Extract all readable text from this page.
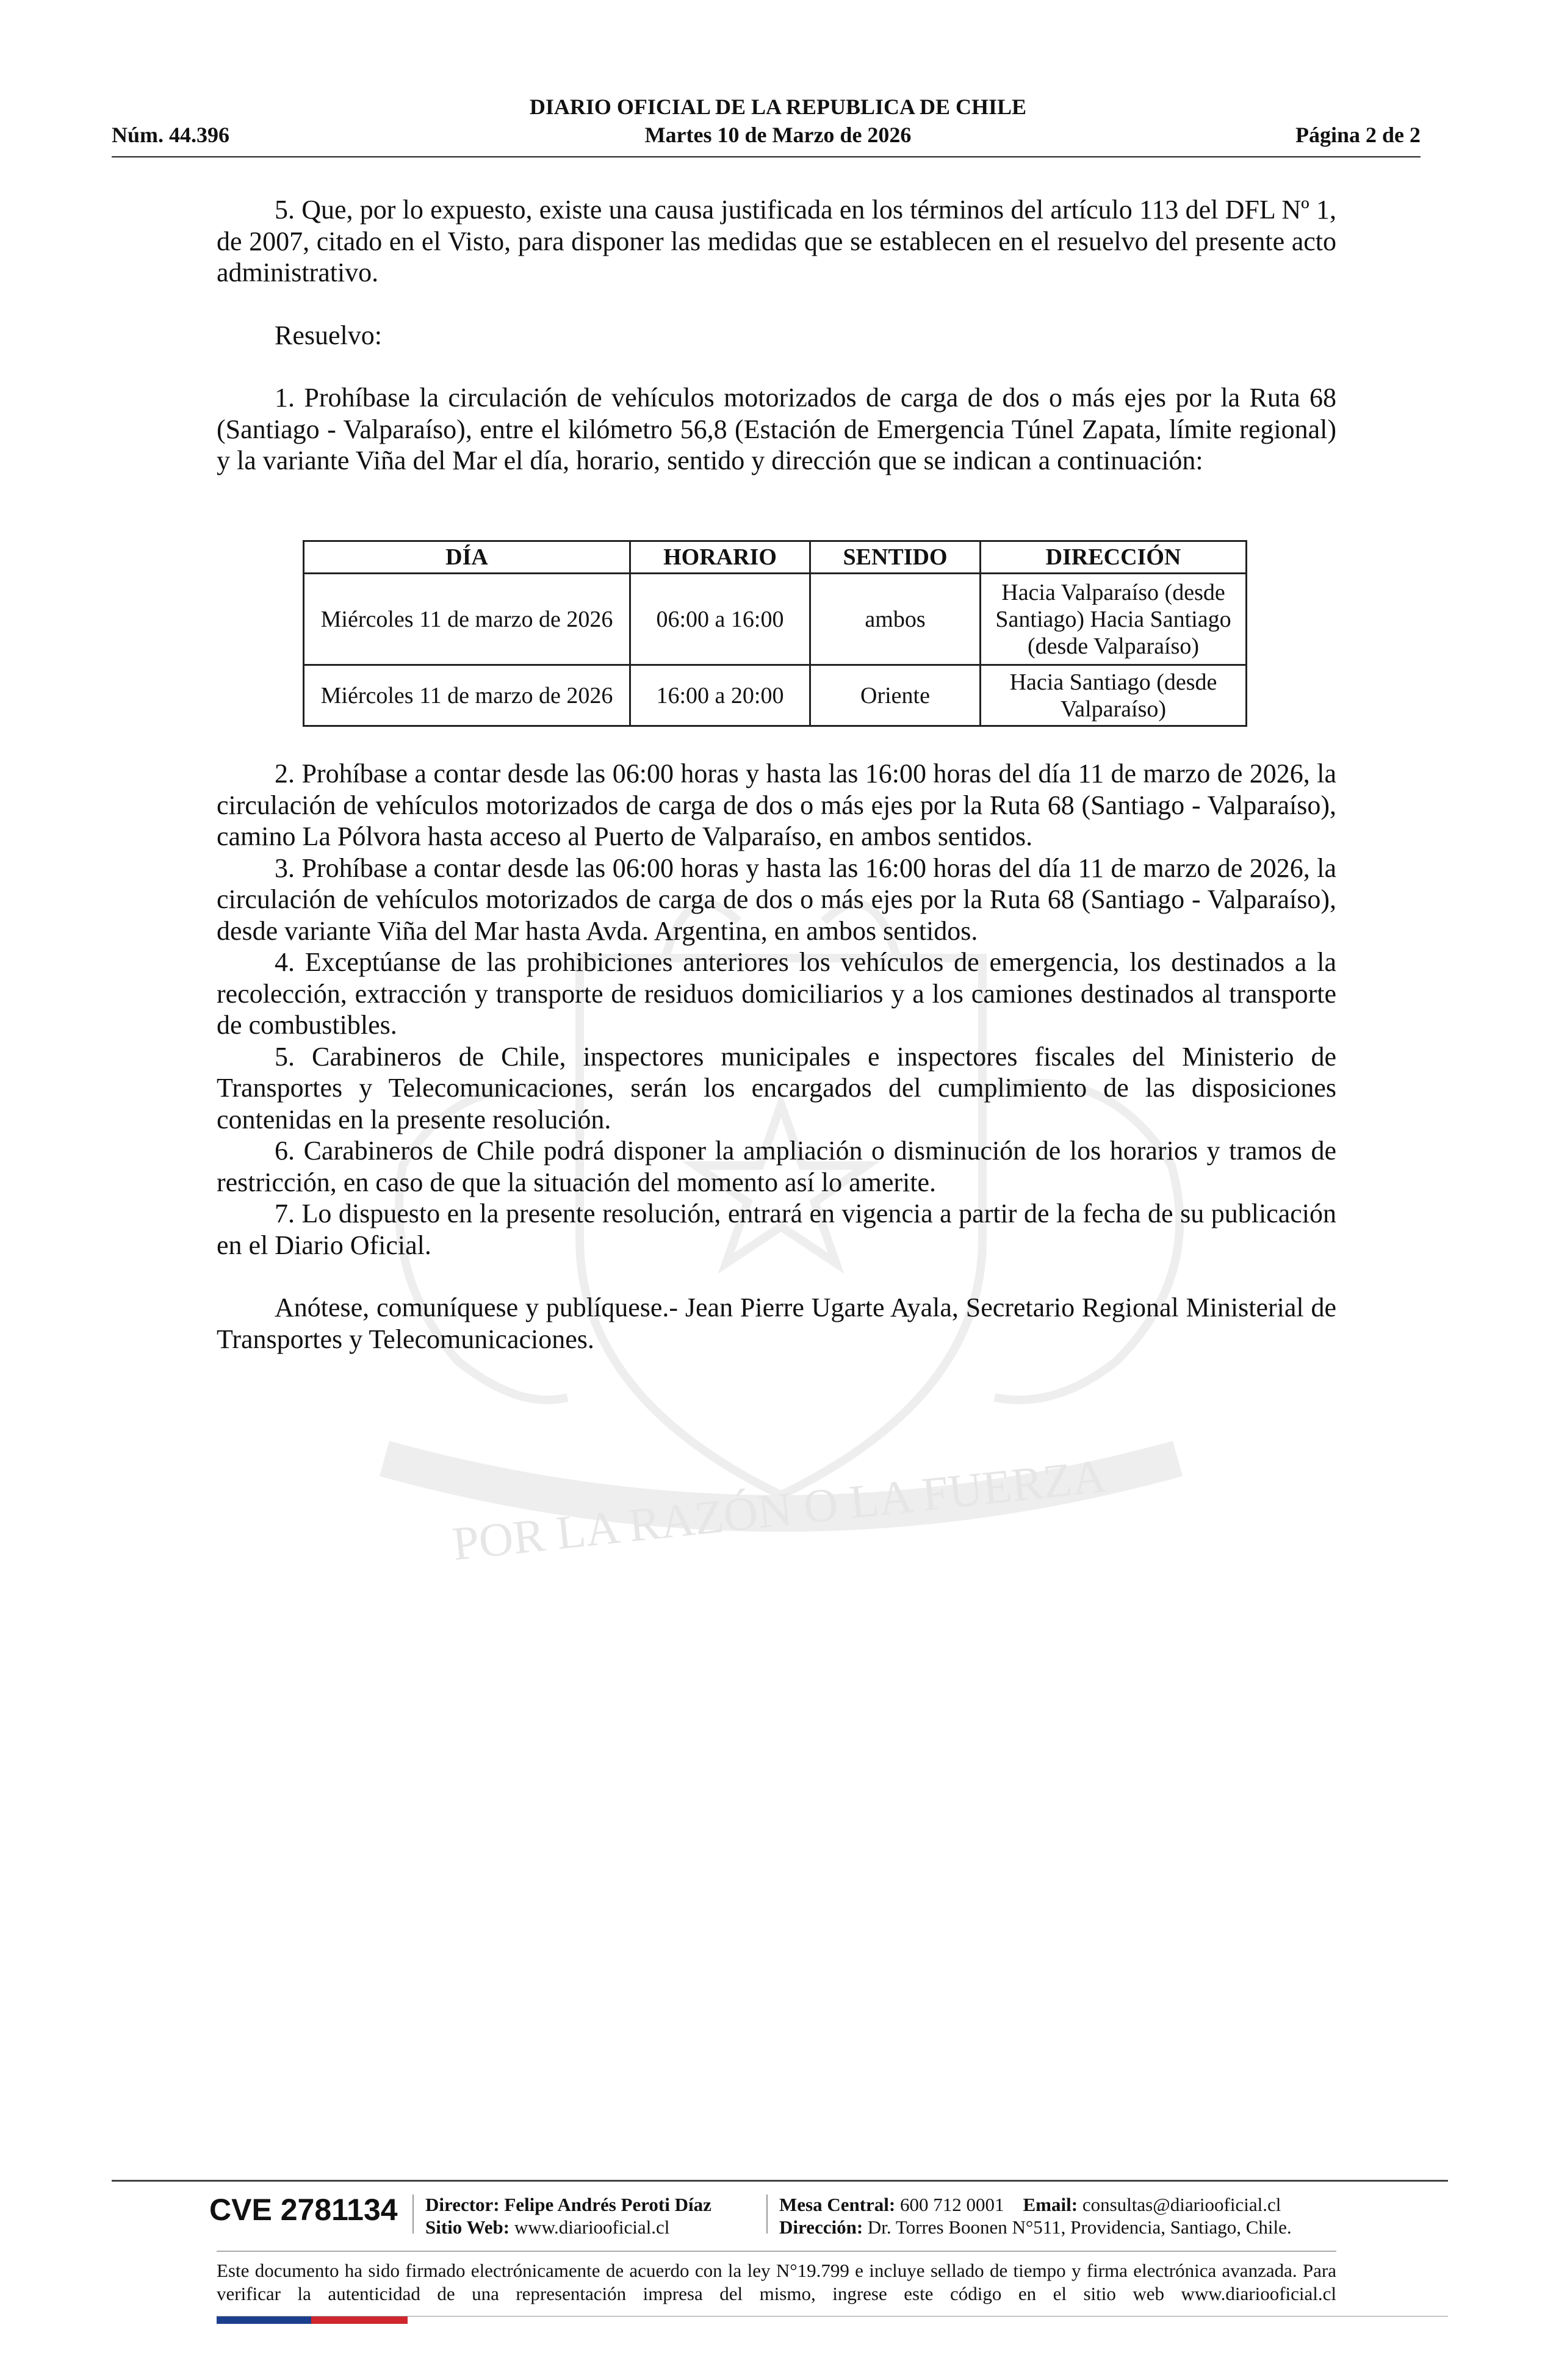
POR LA RAZÓN O LA FUERZA
DIARIO OFICIAL DE LA REPUBLICA DE CHILE
Núm. 44.396	Martes 10 de Marzo de 2026	Página 2 de 2

5. Que, por lo expuesto, existe una causa justificada en los términos del artículo 113 del DFL Nº 1, de 2007, citado en el Visto, para disponer las medidas que se establecen en el resuelvo del presente acto administrativo.

Resuelvo:

1. Prohíbase la circulación de vehículos motorizados de carga de dos o más ejes por la Ruta 68 (Santiago - Valparaíso), entre el kilómetro 56,8 (Estación de Emergencia Túnel Zapata, límite regional) y la variante Viña del Mar el día, horario, sentido y dirección que se indican a continuación:

DÍA	HORARIO	SENTIDO	DIRECCIÓN
Miércoles 11 de marzo de 2026	06:00 a 16:00	ambos	Hacia Valparaíso (desde Santiago) Hacia Santiago (desde Valparaíso)
Miércoles 11 de marzo de 2026	16:00 a 20:00	Oriente	Hacia Santiago (desde Valparaíso)

2. Prohíbase a contar desde las 06:00 horas y hasta las 16:00 horas del día 11 de marzo de 2026, la circulación de vehículos motorizados de carga de dos o más ejes por la Ruta 68 (Santiago - Valparaíso), camino La Pólvora hasta acceso al Puerto de Valparaíso, en ambos sentidos.

3. Prohíbase a contar desde las 06:00 horas y hasta las 16:00 horas del día 11 de marzo de 2026, la circulación de vehículos motorizados de carga de dos o más ejes por la Ruta 68 (Santiago - Valparaíso), desde variante Viña del Mar hasta Avda. Argentina, en ambos sentidos.

4. Exceptúanse de las prohibiciones anteriores los vehículos de emergencia, los destinados a la recolección, extracción y transporte de residuos domiciliarios y a los camiones destinados al transporte de combustibles.

5. Carabineros de Chile, inspectores municipales e inspectores fiscales del Ministerio de Transportes y Telecomunicaciones, serán los encargados del cumplimiento de las disposiciones contenidas en la presente resolución.

6. Carabineros de Chile podrá disponer la ampliación o disminución de los horarios y tramos de restricción, en caso de que la situación del momento así lo amerite.

7. Lo dispuesto en la presente resolución, entrará en vigencia a partir de la fecha de su publicación en el Diario Oficial.

Anótese, comuníquese y publíquese.- Jean Pierre Ugarte Ayala, Secretario Regional Ministerial de Transportes y Telecomunicaciones.

CVE 2781134 Director: Felipe Andrés Peroti Díaz
Sitio Web: www.diariooficial.cl
Mesa Central: 600 712 0001 Email: consultas@diariooficial.cl
Dirección: Dr. Torres Boonen N°511, Providencia, Santiago, Chile.
Este documento ha sido firmado electrónicamente de acuerdo con la ley N°19.799 e incluye sellado de tiempo y firma electrónica avanzada. Para verificar la autenticidad de una representación impresa del mismo, ingrese este código en el sitio web www.diariooficial.cl
